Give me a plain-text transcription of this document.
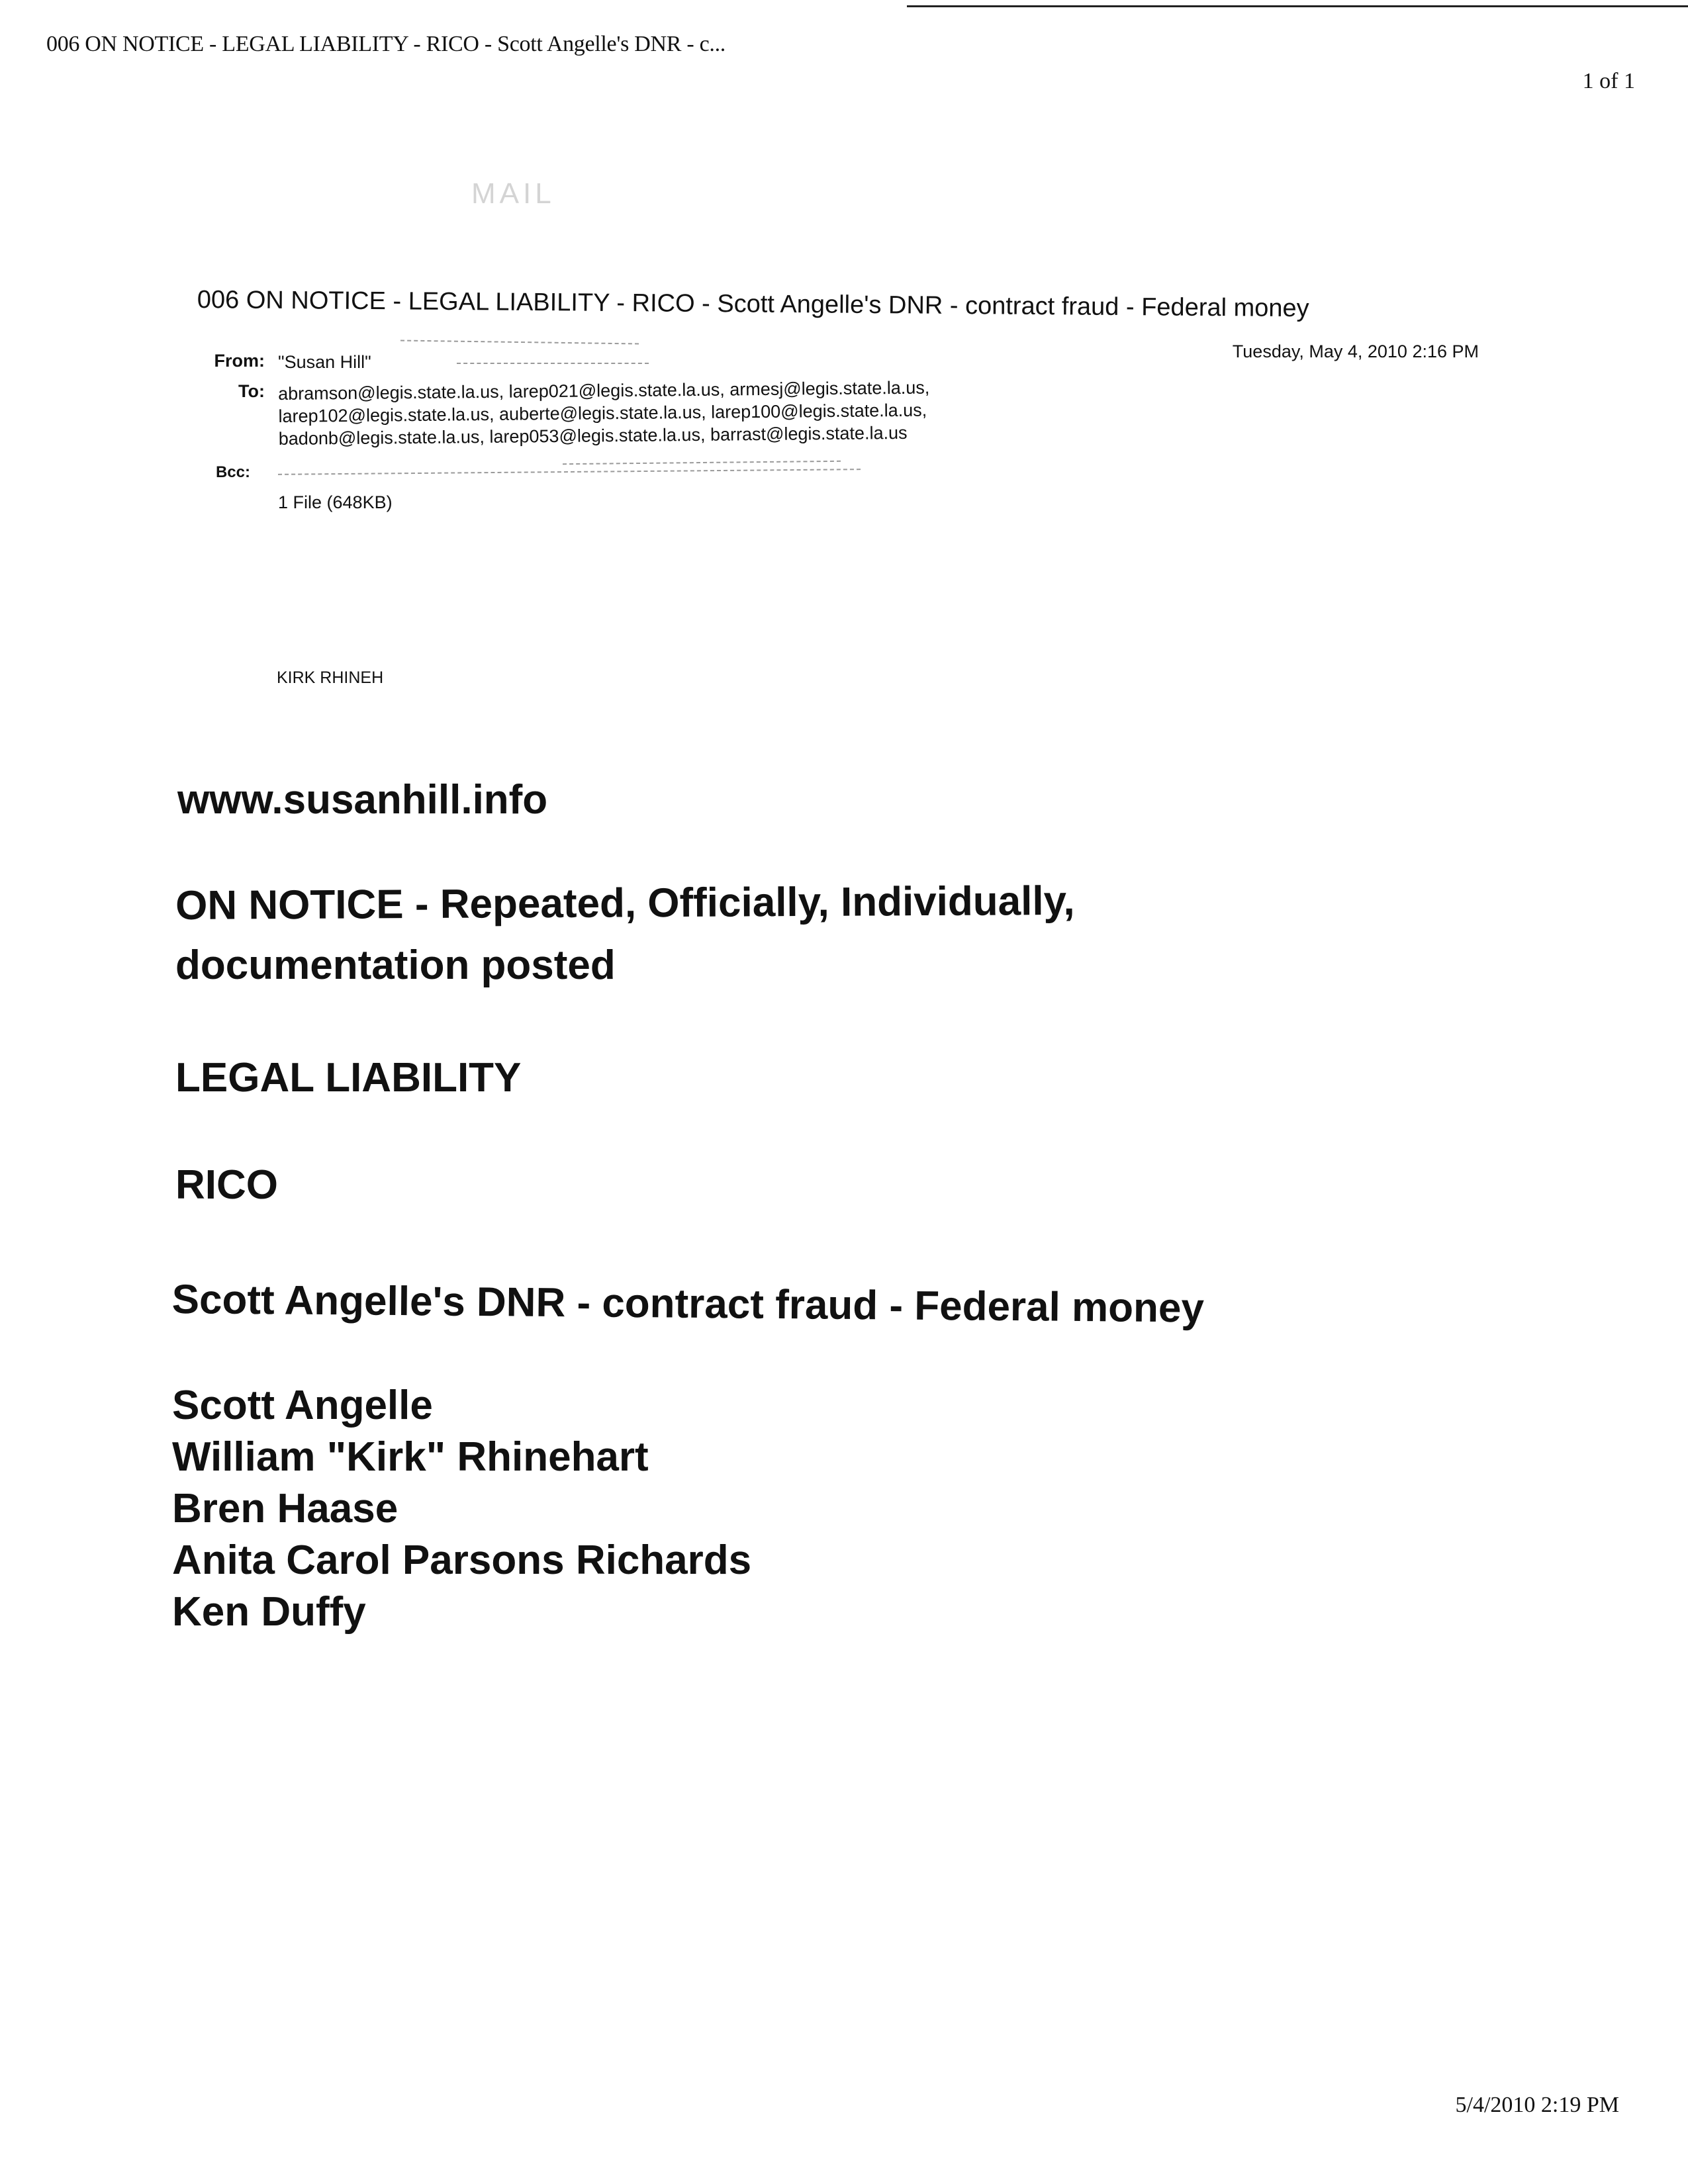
006 ON NOTICE - LEGAL LIABILITY - RICO - Scott Angelle's DNR - c...
1 of 1
MAIL
006 ON NOTICE - LEGAL LIABILITY - RICO - Scott Angelle's DNR - contract fraud - Federal money
From: "Susan Hill"
Tuesday, May 4, 2010 2:16 PM
To: abramson@legis.state.la.us, larep021@legis.state.la.us, armesj@legis.state.la.us,
larep102@legis.state.la.us, auberte@legis.state.la.us, larep100@legis.state.la.us,
badonb@legis.state.la.us, larep053@legis.state.la.us, barrast@legis.state.la.us
Bcc:
1 File (648KB)
KIRK RHINEH
www.susanhill.info
ON NOTICE - Repeated, Officially, Individually,
documentation posted
LEGAL LIABILITY
RICO
Scott Angelle's DNR - contract fraud - Federal money
Scott Angelle
William "Kirk" Rhinehart
Bren Haase
Anita Carol Parsons Richards
Ken Duffy
5/4/2010 2:19 PM
